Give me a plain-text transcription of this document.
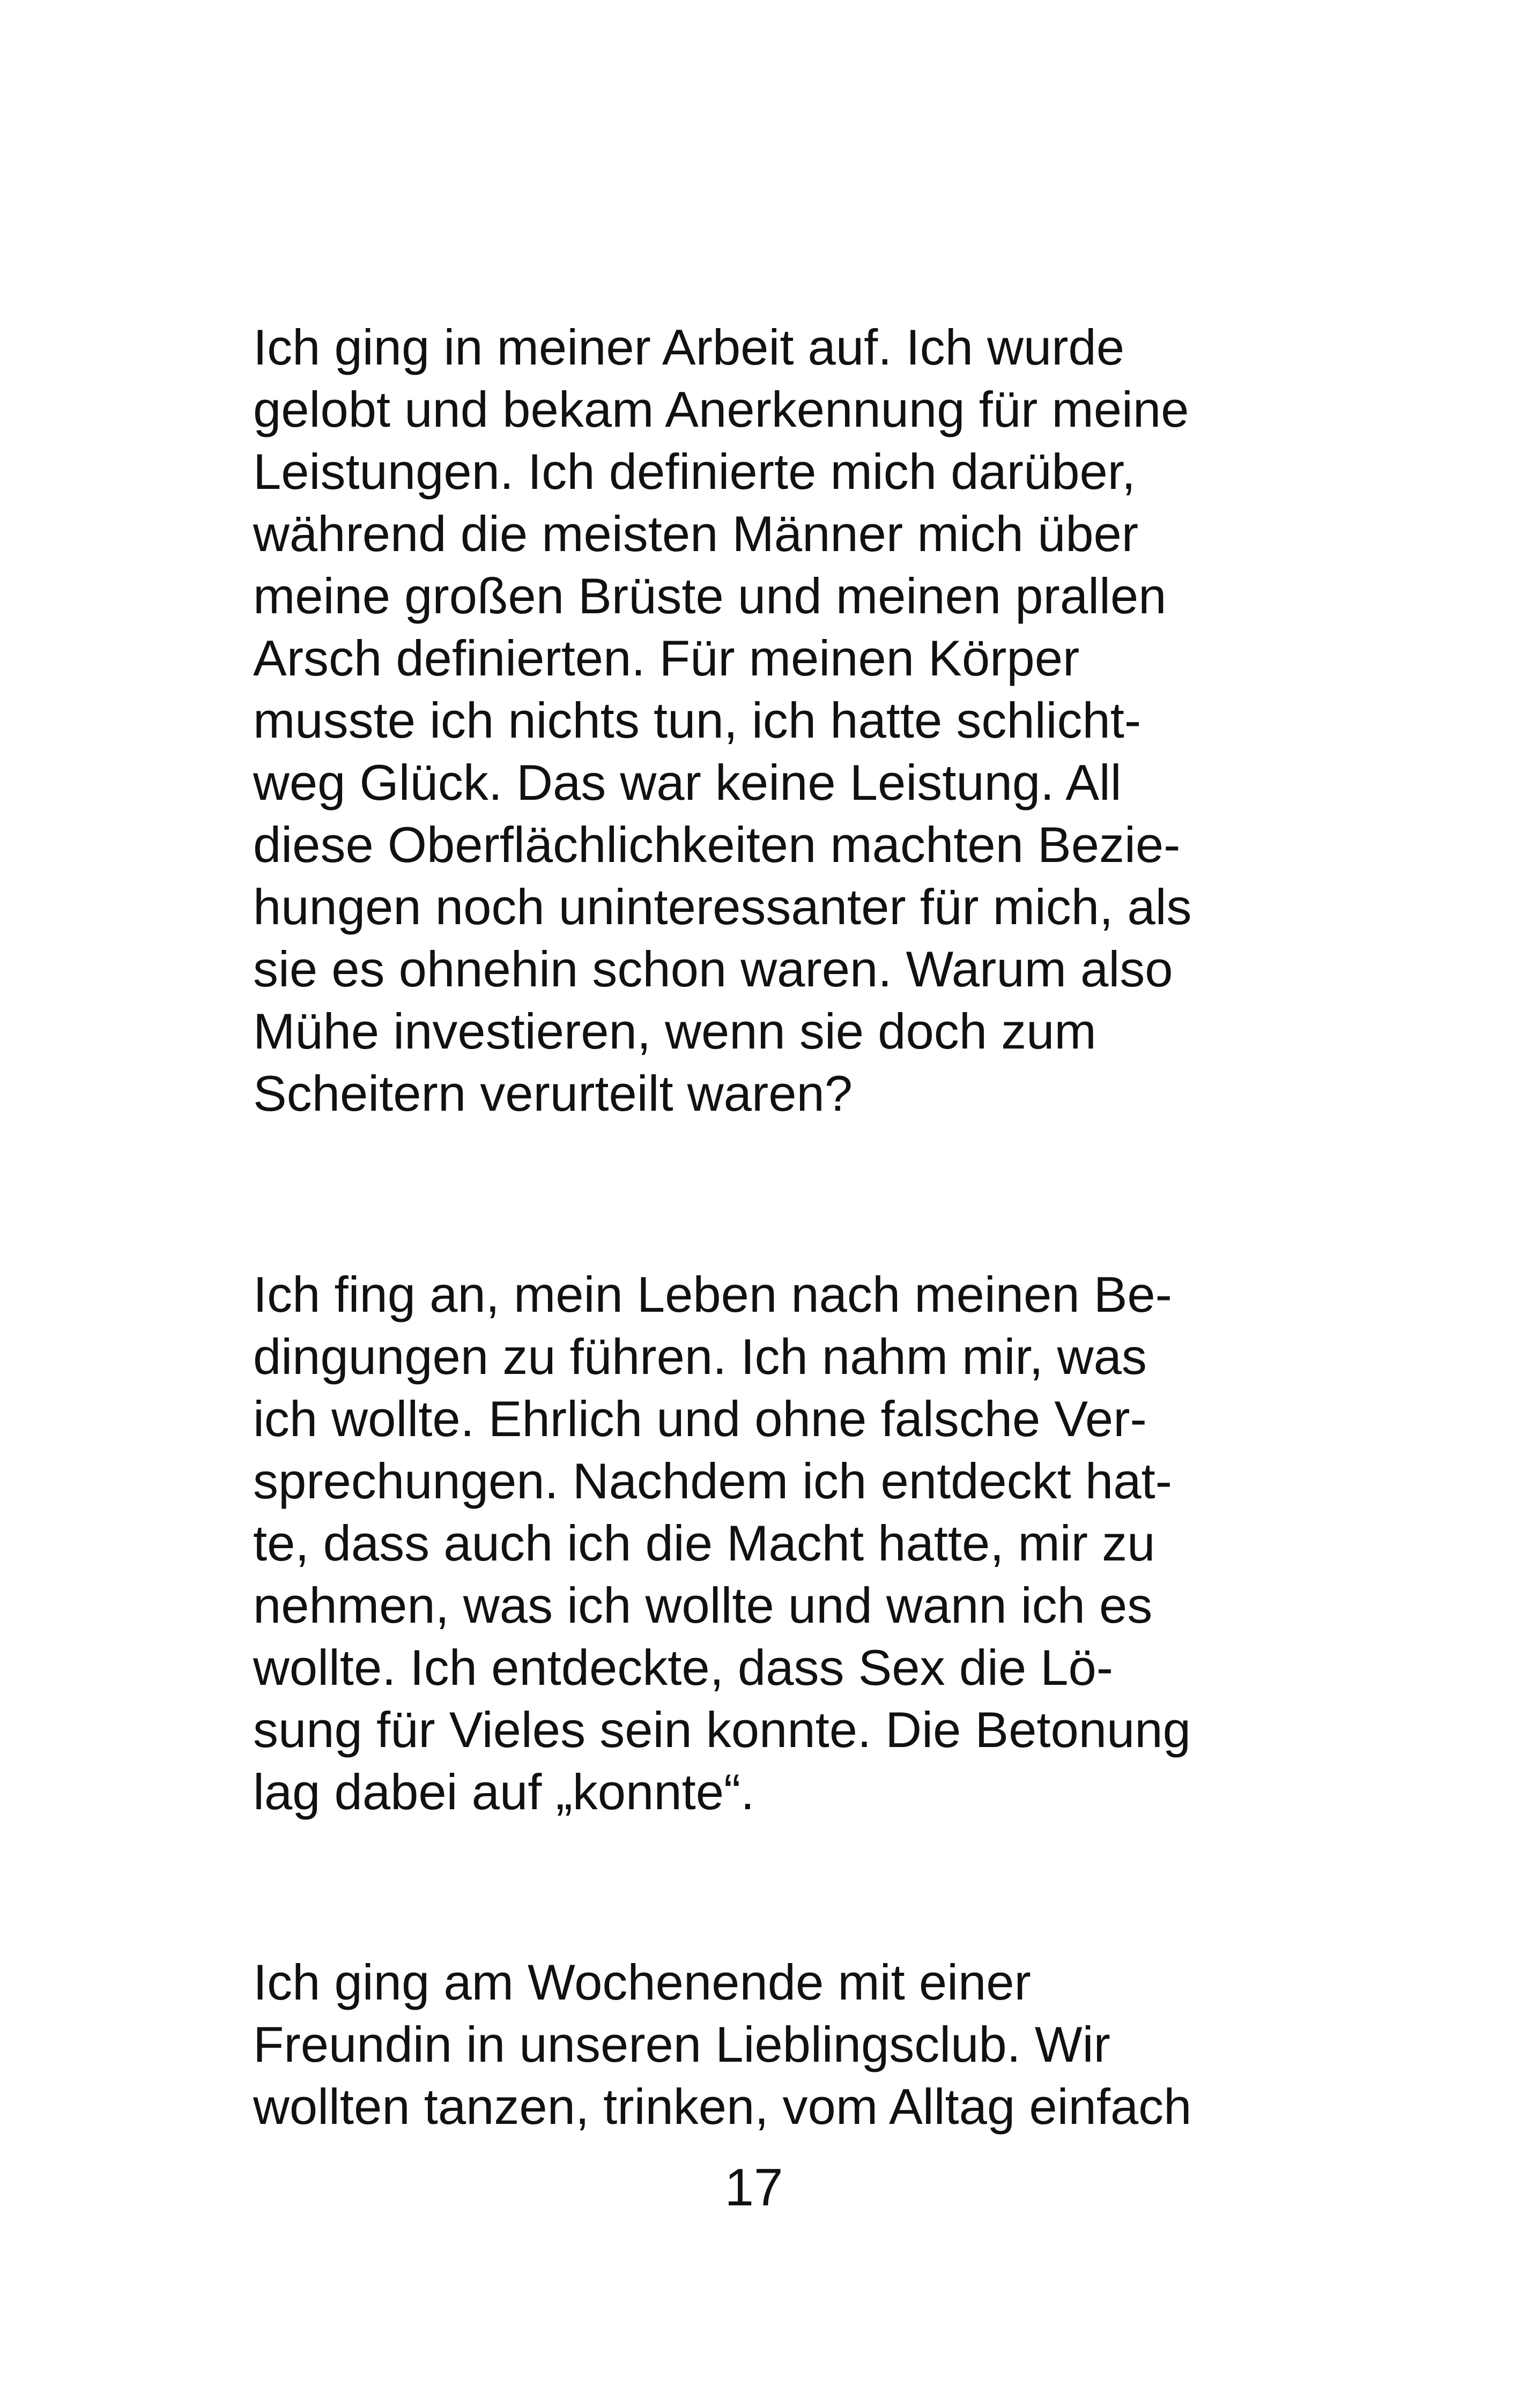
Ich ging in meiner Arbeit auf. Ich wurde
gelobt und bekam Anerkennung für meine
Leistungen. Ich definierte mich darüber,
während die meisten Männer mich über
meine großen Brüste und meinen prallen
Arsch definierten. Für meinen Körper
musste ich nichts tun, ich hatte schlicht-
weg Glück. Das war keine Leistung. All
diese Oberflächlichkeiten machten Bezie-
hungen noch uninteressanter für mich, als
sie es ohnehin schon waren. Warum also
Mühe investieren, wenn sie doch zum
Scheitern verurteilt waren?
Ich fing an, mein Leben nach meinen Be-
dingungen zu führen. Ich nahm mir, was
ich wollte. Ehrlich und ohne falsche Ver-
sprechungen. Nachdem ich entdeckt hat-
te, dass auch ich die Macht hatte, mir zu
nehmen, was ich wollte und wann ich es
wollte. Ich entdeckte, dass Sex die Lö-
sung für Vieles sein konnte. Die Betonung
lag dabei auf „konnte“.
Ich ging am Wochenende mit einer
Freundin in unseren Lieblingsclub. Wir
wollten tanzen, trinken, vom Alltag einfach
17
